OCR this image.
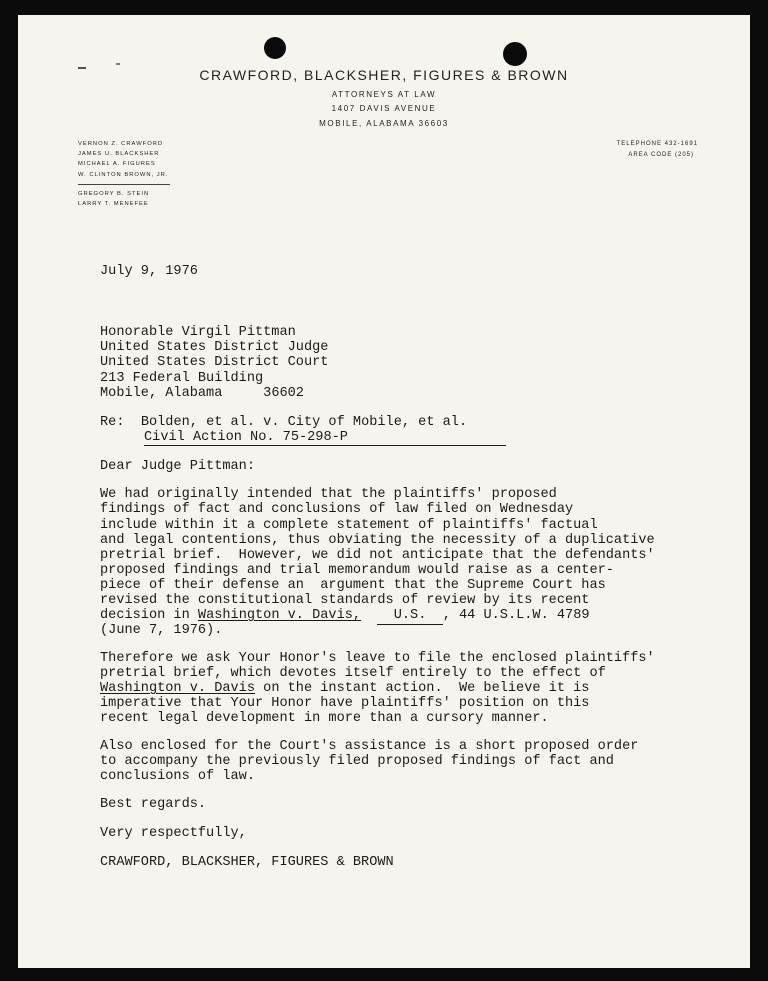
CRAWFORD, BLACKSHER, FIGURES & BROWN
ATTORNEYS AT LAW
1407 DAVIS AVENUE
MOBILE, ALABAMA 36603
VERNON Z. CRAWFORD
JAMES U. BLACKSHER
MICHAEL A. FIGURES
W. CLINTON BROWN, JR.
GREGORY B. STEIN
LARRY T. MENEFEE
TELEPHONE 432-1691
AREA CODE (205)

July 9, 1976

Honorable Virgil Pittman

United States District Judge

United States District Court

213 Federal Building

Mobile, Alabama	36602

Re: Bolden, et al. v. City of Mobile, et al.

Civil Action No. 75-298-P

Dear Judge Pittman:

We had originally intended that the plaintiffs' proposed

findings of fact and conclusions of law filed on Wednesday

include within it a complete statement of plaintiffs' factual

and legal contentions, thus obviating the necessity of a duplicative

pretrial brief.  However, we did not anticipate that the defendants'

proposed findings and trial memorandum would raise as a center-

piece of their defense an  argument that the Supreme Court has

revised the constitutional standards of review by its recent

decision in Washington v. Davis, U.S. , 44 U.S.L.W. 4789

(June 7, 1976).

Therefore we ask Your Honor's leave to file the enclosed plaintiffs'

pretrial brief, which devotes itself entirely to the effect of

Washington v. Davis on the instant action.  We believe it is

imperative that Your Honor have plaintiffs' position on this

recent legal development in more than a cursory manner.

Also enclosed for the Court's assistance is a short proposed order

to accompany the previously filed proposed findings of fact and

conclusions of law.

Best regards.

Very respectfully,

CRAWFORD, BLACKSHER, FIGURES & BROWN
